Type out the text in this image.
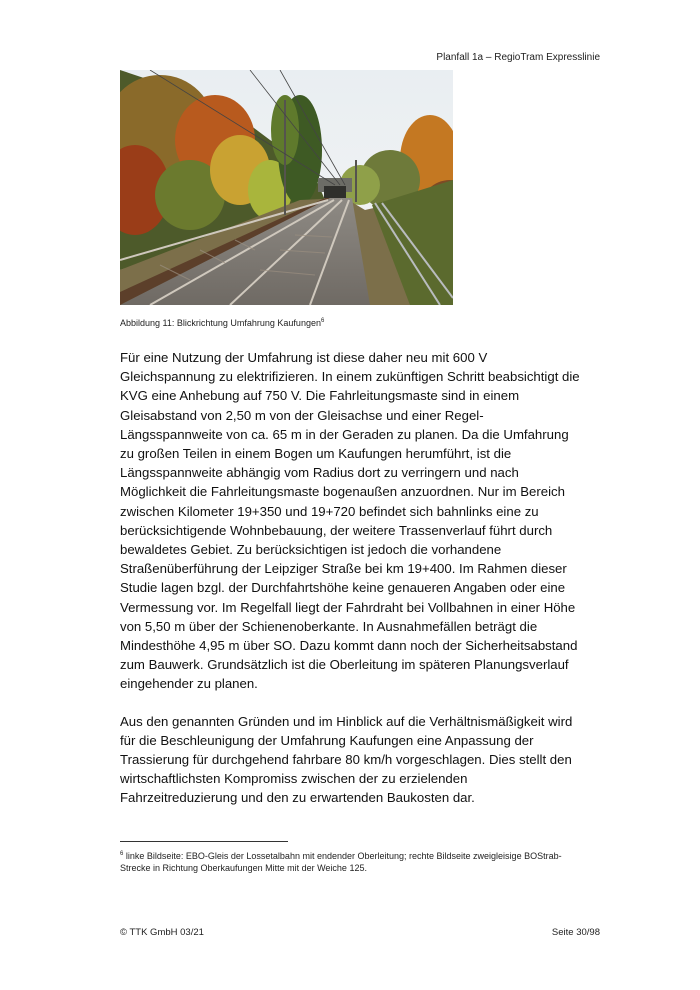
Planfall 1a – RegioTram Expresslinie
Abbildung 11: Blickrichtung Umfahrung Kaufungen$^6$

Für eine Nutzung der Umfahrung ist diese daher neu mit 600 V Gleichspannung zu elektrifizieren. In einem zukünftigen Schritt beabsichtigt die KVG eine Anhebung auf 750 V. Die Fahrleitungsmaste sind in einem Gleisabstand von 2,50 m von der Gleisachse und einer Regel-Längsspannweite von ca. 65 m in der Geraden zu planen. Da die Umfahrung zu großen Teilen in einem Bogen um Kaufungen herumführt, ist die Längsspannweite abhängig vom Radius dort zu verringern und nach Möglichkeit die Fahrleitungsmaste bogenaußen anzuordnen. Nur im Bereich zwischen Kilometer 19+350 und 19+720 befindet sich bahnlinks eine zu berücksichtigende Wohnbebauung, der weitere Trassenverlauf führt durch bewaldetes Gebiet. Zu berücksichtigen ist jedoch die vorhandene Straßenüberführung der Leipziger Straße bei km 19+400. Im Rahmen dieser Studie lagen bzgl. der Durchfahrtshöhe keine genaueren Angaben oder eine Vermessung vor. Im Regelfall liegt der Fahrdraht bei Vollbahnen in einer Höhe von 5,50 m über der Schienenoberkante. In Ausnahmefällen beträgt die Mindesthöhe 4,95 m über SO. Dazu kommt dann noch der Sicherheitsabstand zum Bauwerk. Grundsätzlich ist die Oberleitung im späteren Planungsverlauf eingehender zu planen.

Aus den genannten Gründen und im Hinblick auf die Verhältnismäßigkeit wird für die Beschleunigung der Umfahrung Kaufungen eine Anpassung der Trassierung für durchgehend fahrbare 80 km/h vorgeschlagen. Dies stellt den wirtschaftlichsten Kompromiss zwischen der zu erzielenden Fahrzeitreduzierung und den zu erwartenden Baukosten dar.

$^6$ linke Bildseite: EBO-Gleis der Lossetalbahn mit endender Oberleitung; rechte Bildseite zweigleisige BOStrab-Strecke in Richtung Oberkaufungen Mitte mit der Weiche 125.
© TTK GmbH 03/21	Seite 30/98
